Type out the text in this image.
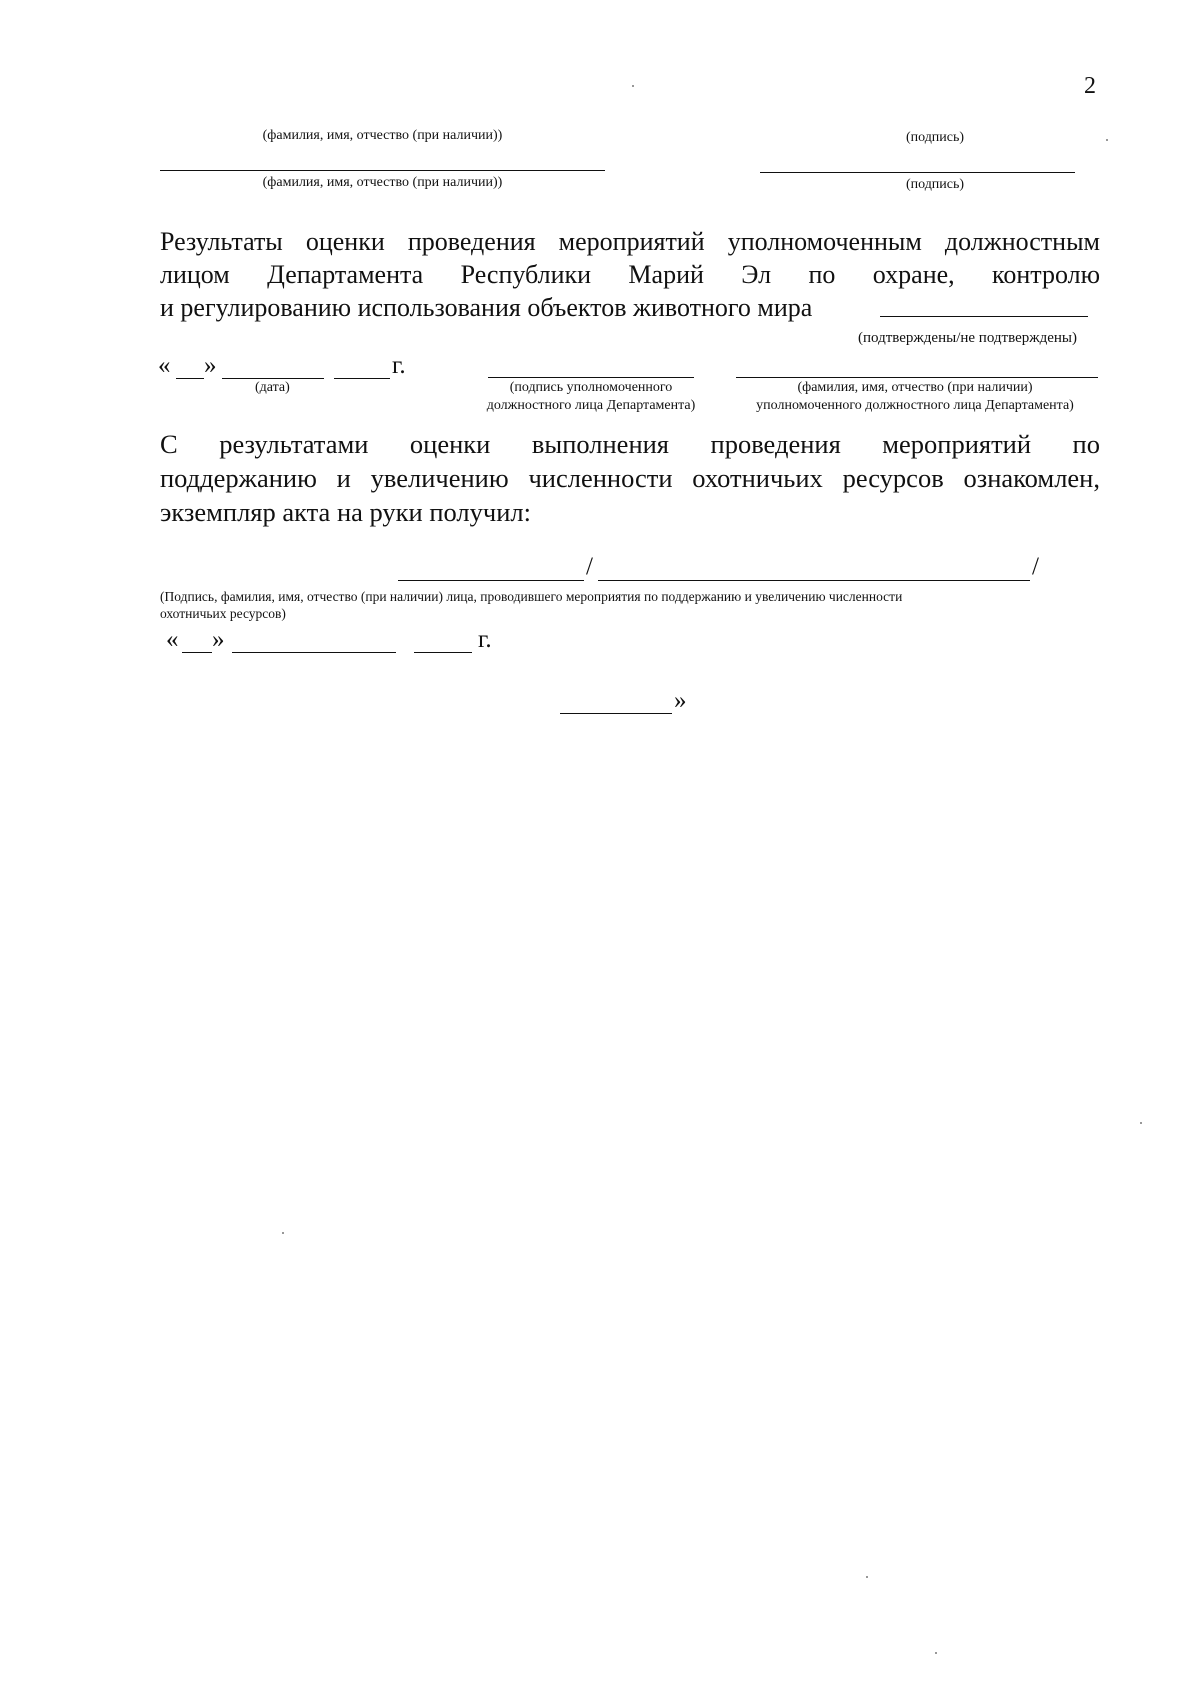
2
(фамилия, имя, отчество (при наличии))	(подпись)
(фамилия, имя, отчество (при наличии))	(подпись)
Результаты оценки проведения мероприятий уполномоченным должностным
лицом Департамента Республики Марий Эл по охране, контролю
и регулированию использования объектов животного мира
(подтверждены/не подтверждены)
« »	г.
(дата)	(подпись уполномоченного
должностного лица Департамента)
(фамилия, имя, отчество (при наличии)
уполномоченного должностного лица Департамента)
С результатами оценки выполнения проведения мероприятий по
поддержанию и увеличению численности охотничьих ресурсов ознакомлен,
экземпляр акта на руки получил:
/	/
(Подпись, фамилия, имя, отчество (при наличии) лица, проводившего мероприятия по поддержанию и увеличению численности
охотничьих ресурсов)
« »	г.
»
